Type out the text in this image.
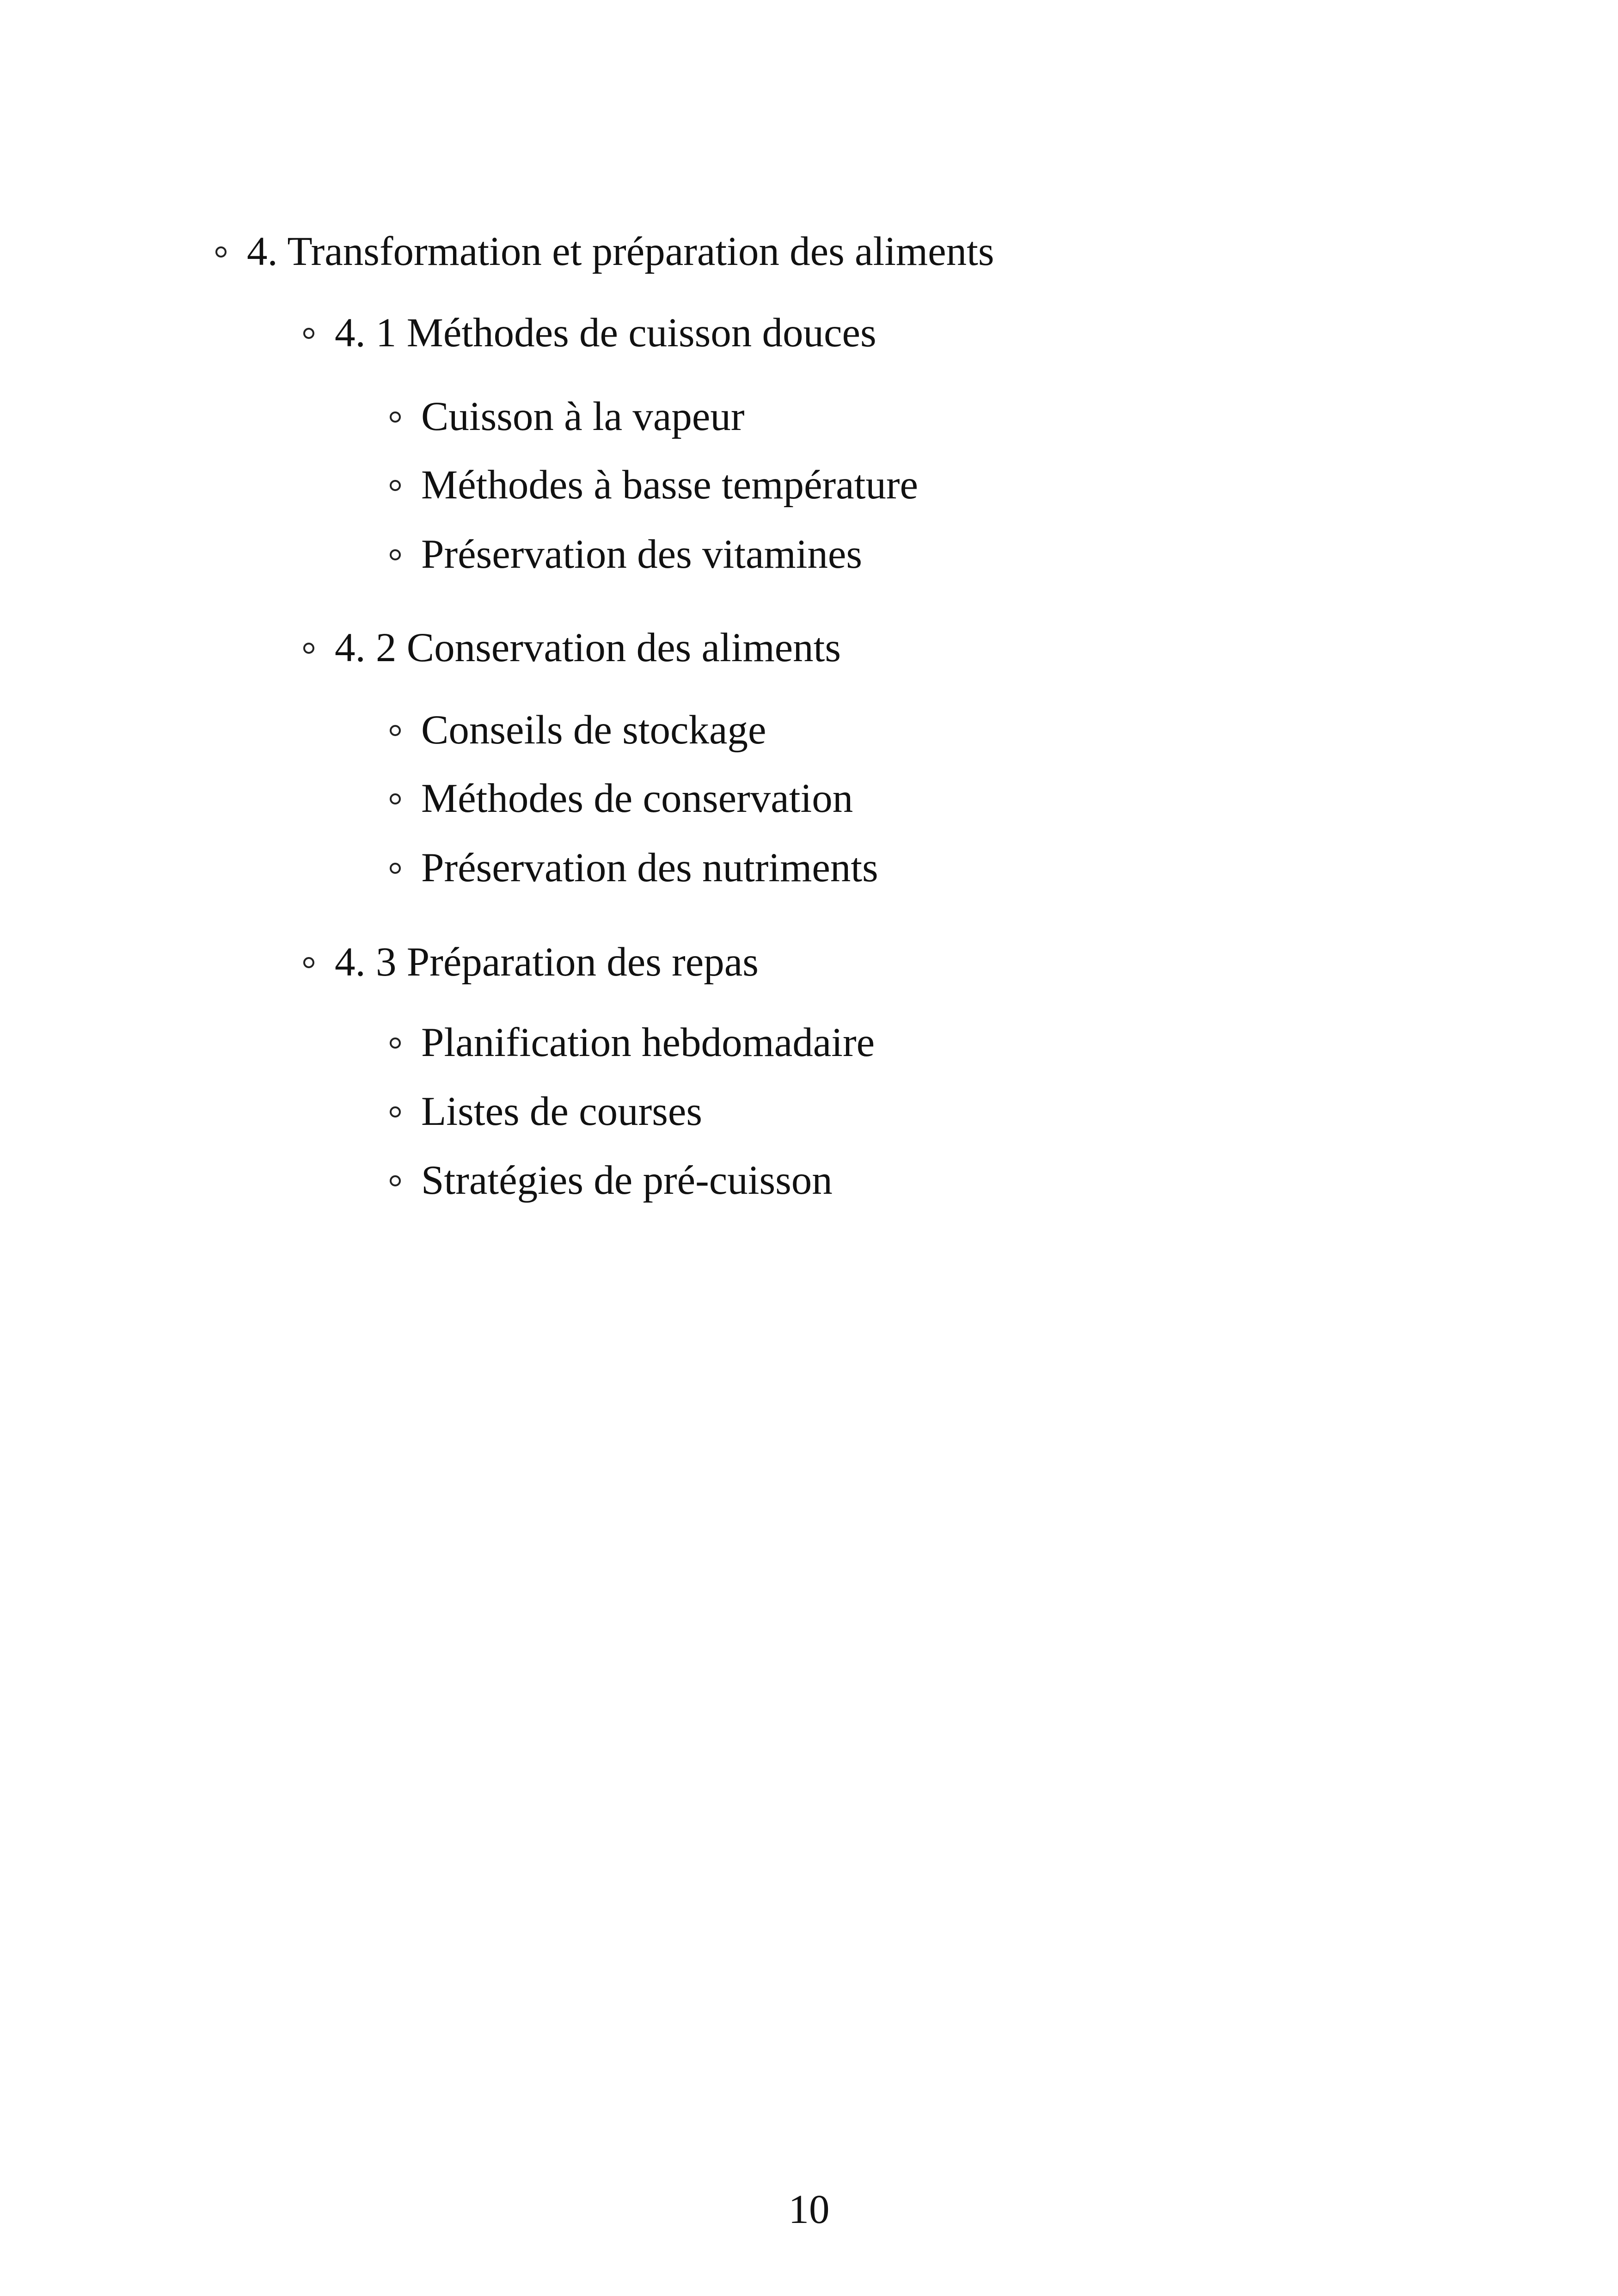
4. Transformation et préparation des aliments
4. 1 Méthodes de cuisson douces
Cuisson à la vapeur
Méthodes à basse température
Préservation des vitamines
4. 2 Conservation des aliments
Conseils de stockage
Méthodes de conservation
Préservation des nutriments
4. 3 Préparation des repas
Planification hebdomadaire
Listes de courses
Stratégies de pré-cuisson
10
